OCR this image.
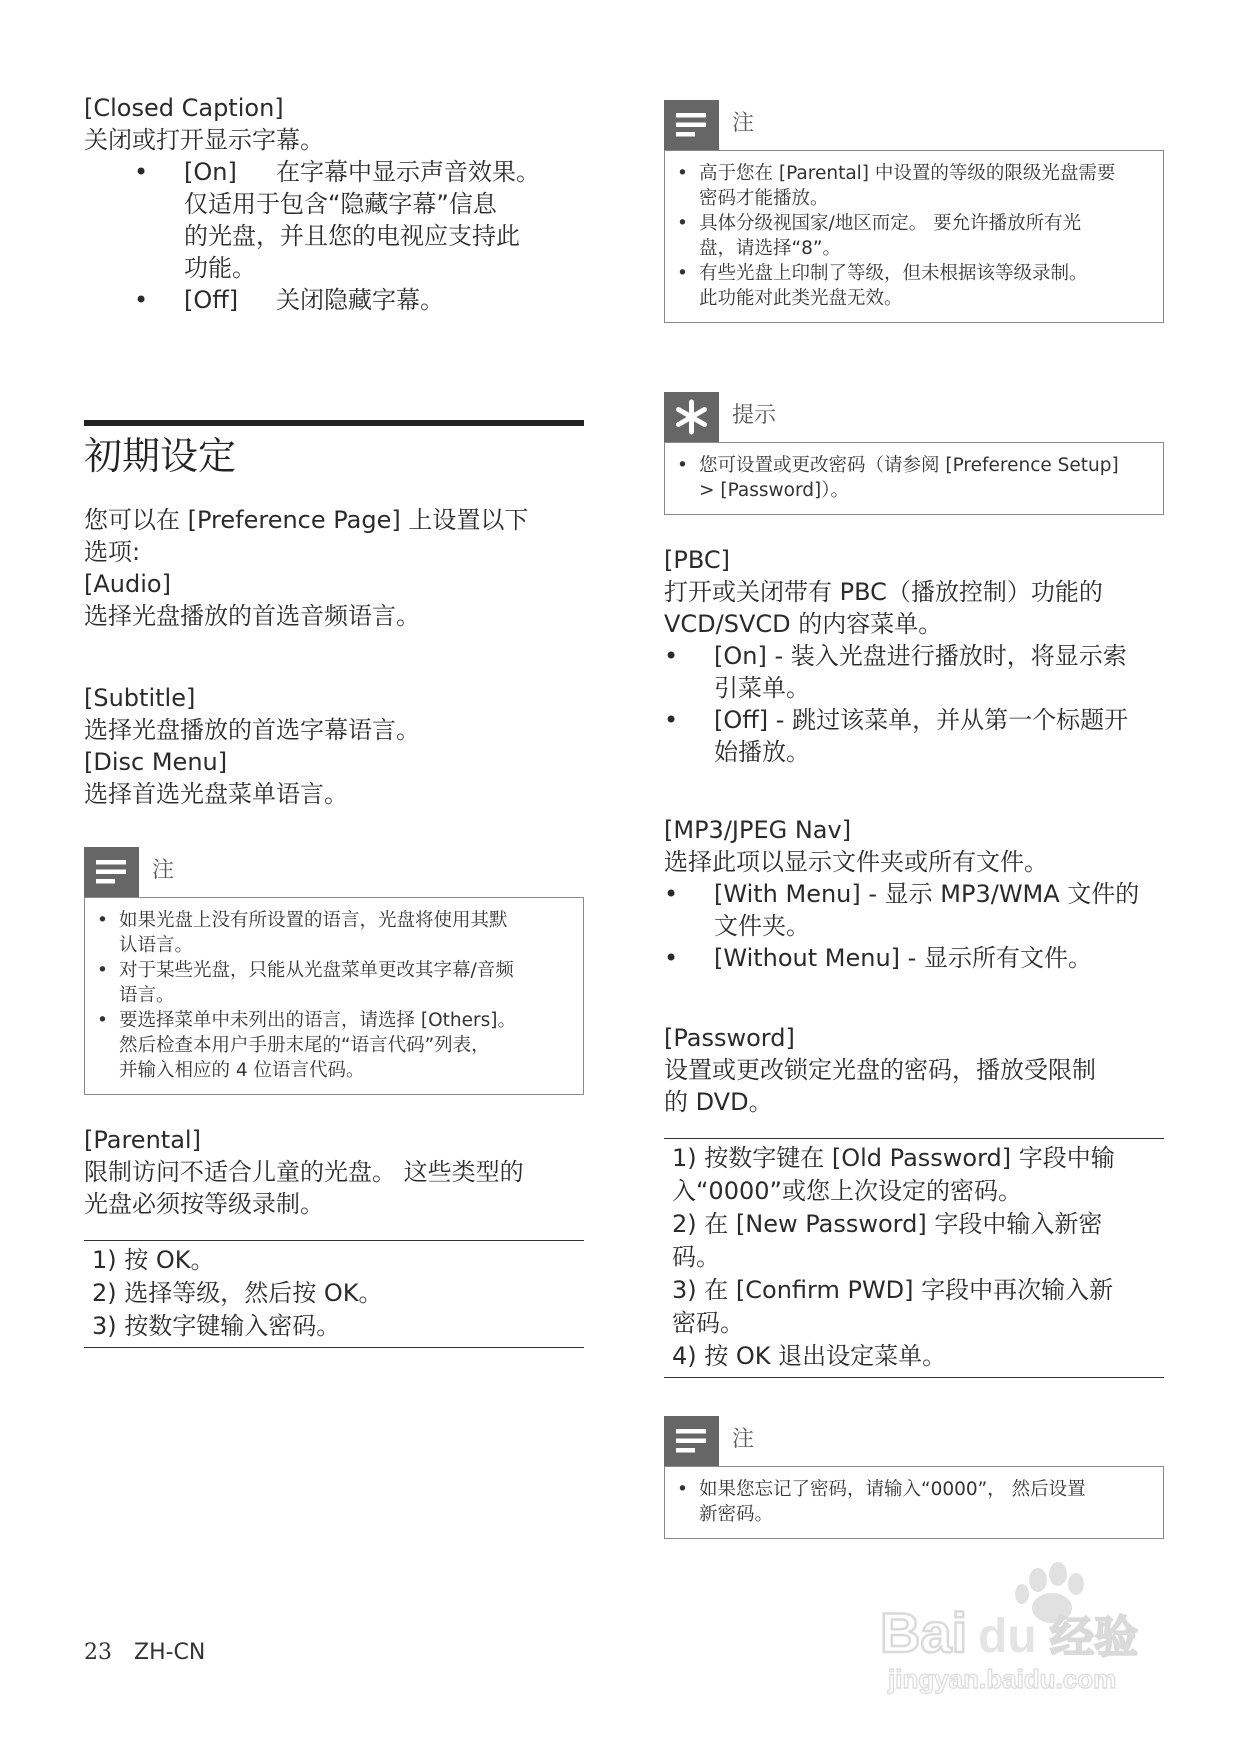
[Closed Caption]

关闭或打开显示字幕。

• [On] 在字幕中显示声音效果。
仅适用于包含“隐藏字幕”信息
的光盘，并且您的电视应支持此
功能。
• [Off] 关闭隐藏字幕。

初期设定

您可以在 [Preference Page] 上设置以下

选项:

[Audio]

选择光盘播放的首选音频语言。

[Subtitle]

选择光盘播放的首选字幕语言。

[Disc Menu]

选择首选光盘菜单语言。

注
• 如果光盘上没有所设置的语言，光盘将使用其默
认语言。
• 对于某些光盘，只能从光盘菜单更改其字幕/音频
语言。
• 要选择菜单中未列出的语言，请选择 [Others]。
然后检查本用户手册末尾的“语言代码”列表，
并输入相应的 4 位语言代码。

[Parental]

限制访问不适合儿童的光盘。 这些类型的

光盘必须按等级录制。

1) 按 OK。

2) 选择等级，然后按 OK。

3) 按数字键输入密码。

注
• 高于您在 [Parental] 中设置的等级的限级光盘需要
密码才能播放。
• 具体分级视国家/地区而定。 要允许播放所有光
盘，请选择“8”。
• 有些光盘上印制了等级，但未根据该等级录制。
此功能对此类光盘无效。
提示
• 您可设置或更改密码（请参阅 [Preference Setup]
> [Password]）。

[PBC]

打开或关闭带有 PBC（播放控制）功能的

VCD/SVCD 的内容菜单。

• [On] - 装入光盘进行播放时，将显示索
引菜单。
• [Off] - 跳过该菜单，并从第一个标题开
始播放。

[MP3/JPEG Nav]

选择此项以显示文件夹或所有文件。

• [With Menu] - 显示 MP3/WMA 文件的
文件夹。
• [Without Menu] - 显示所有文件。

[Password]

设置或更改锁定光盘的密码，播放受限制

的 DVD。

1) 按数字键在 [Old Password] 字段中输

入“0000”或您上次设定的密码。

2) 在 [New Password] 字段中输入新密

码。

3) 在 [Confirm PWD] 字段中再次输入新

密码。

4) 按 OK 退出设定菜单。

注
• 如果您忘记了密码，请输入“0000”， 然后设置
新密码。
23 ZH-CN	Bai du 经验
jingyan.baidu.com
